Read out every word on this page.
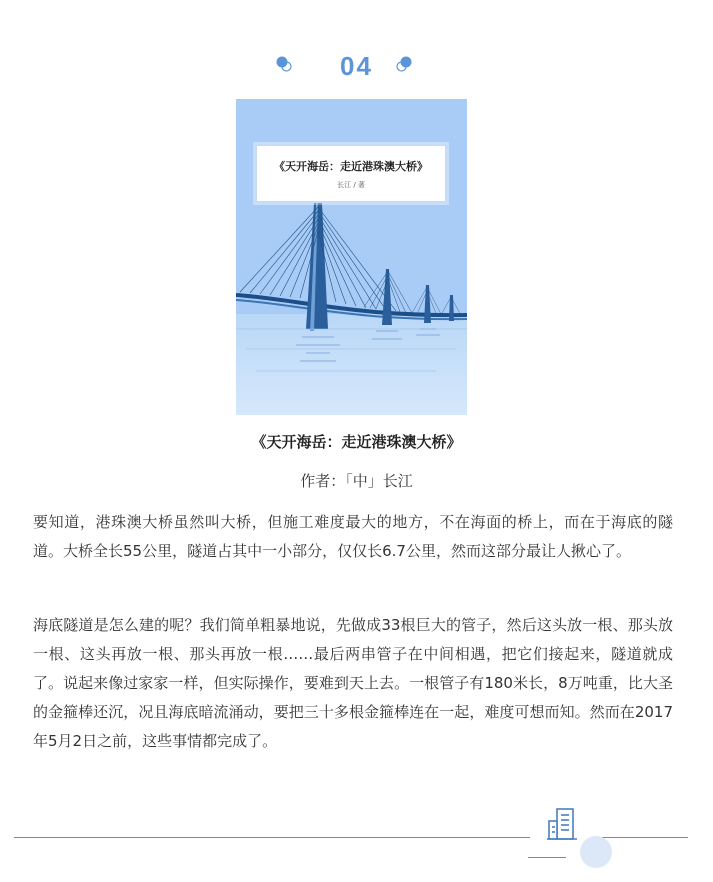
04
《天开海岳：走近港珠澳大桥》
长江 / 著
《天开海岳：走近港珠澳大桥》
作者：「中」长江

要知道，港珠澳大桥虽然叫大桥，但施工难度最大的地方，不在海面的桥上，而在于海底的隧道。大桥全长55公里，隧道占其中一小部分，仅仅长6.7公里，然而这部分最让人揪心了。

海底隧道是怎么建的呢？我们简单粗暴地说，先做成33根巨大的管子，然后这头放一根、那头放一根、这头再放一根、那头再放一根……最后两串管子在中间相遇，把它们接起来，隧道就成了。说起来像过家家一样，但实际操作，要难到天上去。一根管子有180米长，8万吨重，比大圣的金箍棒还沉，况且海底暗流涌动，要把三十多根金箍棒连在一起，难度可想而知。然而在2017年5月2日之前，这些事情都完成了。
